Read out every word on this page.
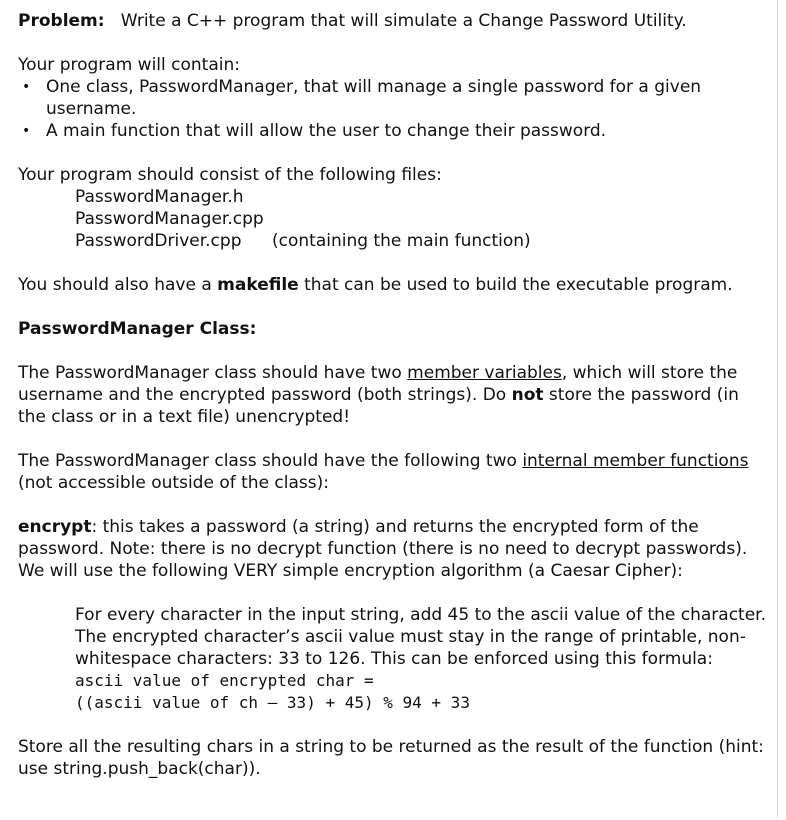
Problem: Write a C++ program that will simulate a Change Password Utility.

Your program will contain:

• One class, PasswordManager, that will manage a single password for a given username.
• A main function that will allow the user to change their password.

Your program should consist of the following files:

PasswordManager.h
PasswordManager.cpp
PasswordDriver.cpp (containing the main function)

You should also have a makefile that can be used to build the executable program.

PasswordManager Class:

The PasswordManager class should have two member variables, which will store the username and the encrypted password (both strings). Do not store the password (in the class or in a text file) unencrypted!

The PasswordManager class should have the following two internal member functions (not accessible outside of the class):

encrypt: this takes a password (a string) and returns the encrypted form of the password. Note: there is no decrypt function (there is no need to decrypt passwords). We will use the following VERY simple encryption algorithm (a Caesar Cipher):

For every character in the input string, add 45 to the ascii value of the character. The encrypted character’s ascii value must stay in the range of printable, non-whitespace characters: 33 to 126. This can be enforced using this formula:

ascii value of encrypted char =

((ascii value of ch – 33) + 45) % 94 + 33

Store all the resulting chars in a string to be returned as the result of the function (hint: use string.push_back(char)).
